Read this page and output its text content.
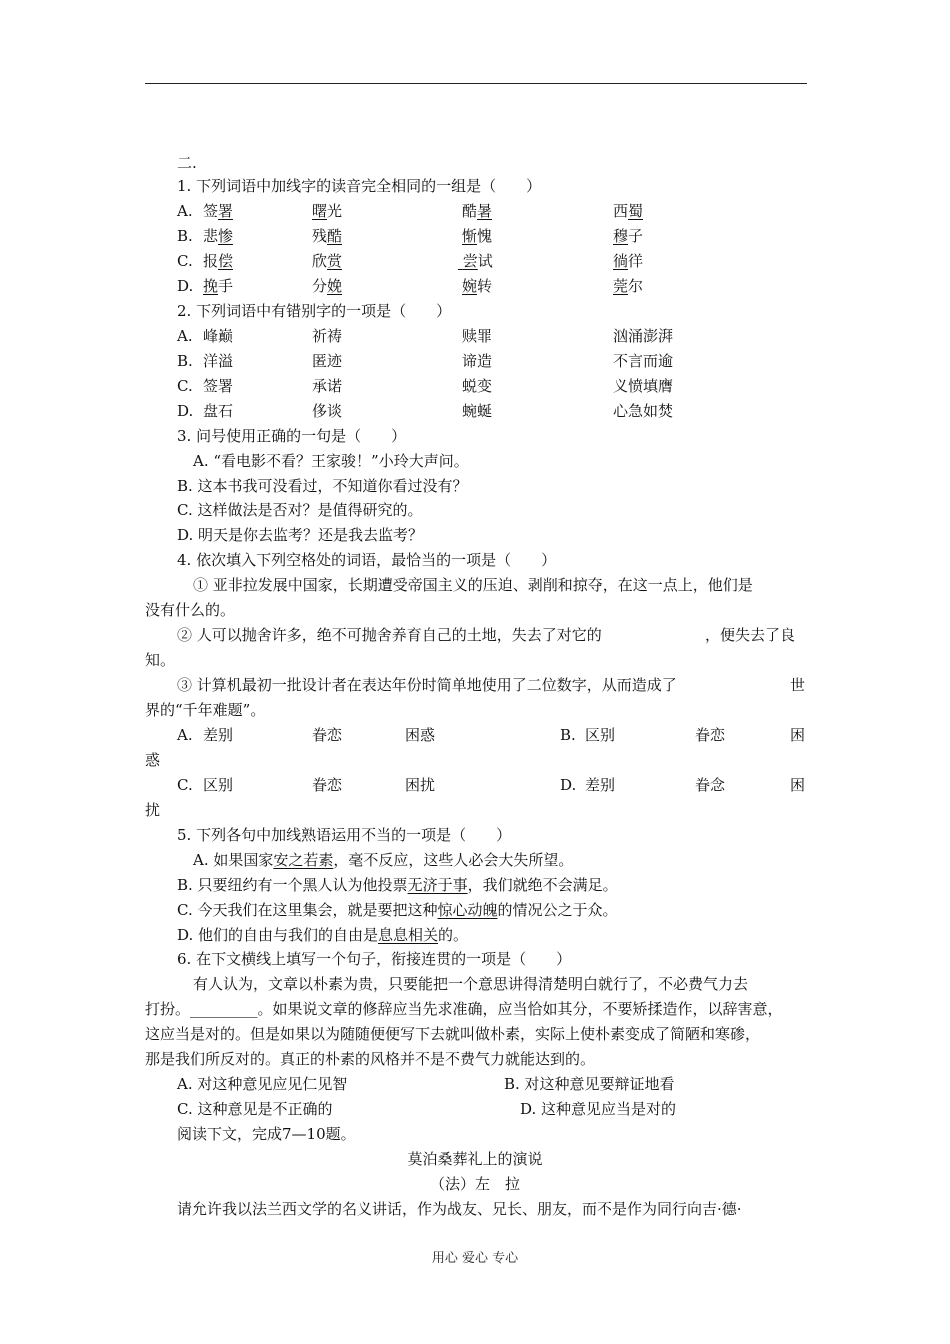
二.
1. 下列词语中加线字的读音完全相同的一组是（　　）
A. 签署	曙光	酷暑	西蜀
B. 悲惨	残酷	惭愧	穆子
C. 报偿	欣赏	尝试	徜徉
D. 挽手	分娩	婉转	莞尔
2. 下列词语中有错别字的一项是（　　）
A. 峰巅	祈祷	赎罪	汹涌澎湃
B. 洋溢	匿迹	谛造	不言而逾
C. 签署	承诺	蜕变	义愤填膺
D. 盘石	侈谈	蜿蜒	心急如焚
3. 问号使用正确的一句是（　　）
A. “看电影不看？王家骏！”小玲大声问。
B. 这本书我可没看过，不知道你看过没有？
C. 这样做法是否对？是值得研究的。
D. 明天是你去监考？还是我去监考？
4. 依次填入下列空格处的词语，最恰当的一项是（　　）
① 亚非拉发展中国家，长期遭受帝国主义的压迫、剥削和掠夺，在这一点上，他们是
没有什么的。
② 人可以抛舍许多，绝不可抛舍养育自己的土地，失去了对它的	，便失去了良
知。
③ 计算机最初一批设计者在表达年份时简单地使用了二位数字，从而造成了	世
界的“千年难题”。
A. 差别	眷恋	困惑	B. 区别	眷恋	困
惑
C. 区别	眷恋	困扰	D. 差别	眷念	困
扰
5. 下列各句中加线熟语运用不当的一项是（　　）
A. 如果国家安之若素，毫不反应，这些人必会大失所望。
B. 只要纽约有一个黑人认为他投票无济于事，我们就绝不会满足。
C. 今天我们在这里集会，就是要把这种惊心动魄的情况公之于众。
D. 他们的自由与我们的自由是息息相关的。
6. 在下文横线上填写一个句子，衔接连贯的一项是（　　）
有人认为，文章以朴素为贵，只要能把一个意思讲得清楚明白就行了，不必费气力去
打扮。_________。如果说文章的修辞应当先求准确，应当恰如其分，不要矫揉造作，以辞害意，
这应当是对的。但是如果以为随随便便写下去就叫做朴素，实际上使朴素变成了简陋和寒碜，
那是我们所反对的。真正的朴素的风格并不是不费气力就能达到的。
A. 对这种意见应见仁见智	B. 对这种意见要辩证地看
C. 这种意见是不正确的	D. 这种意见应当是对的
阅读下文，完成7—10题。
莫泊桑葬礼上的演说
（法）左　拉
请允许我以法兰西文学的名义讲话，作为战友、兄长、朋友，而不是作为同行向吉·德·
用心 爱心 专心
